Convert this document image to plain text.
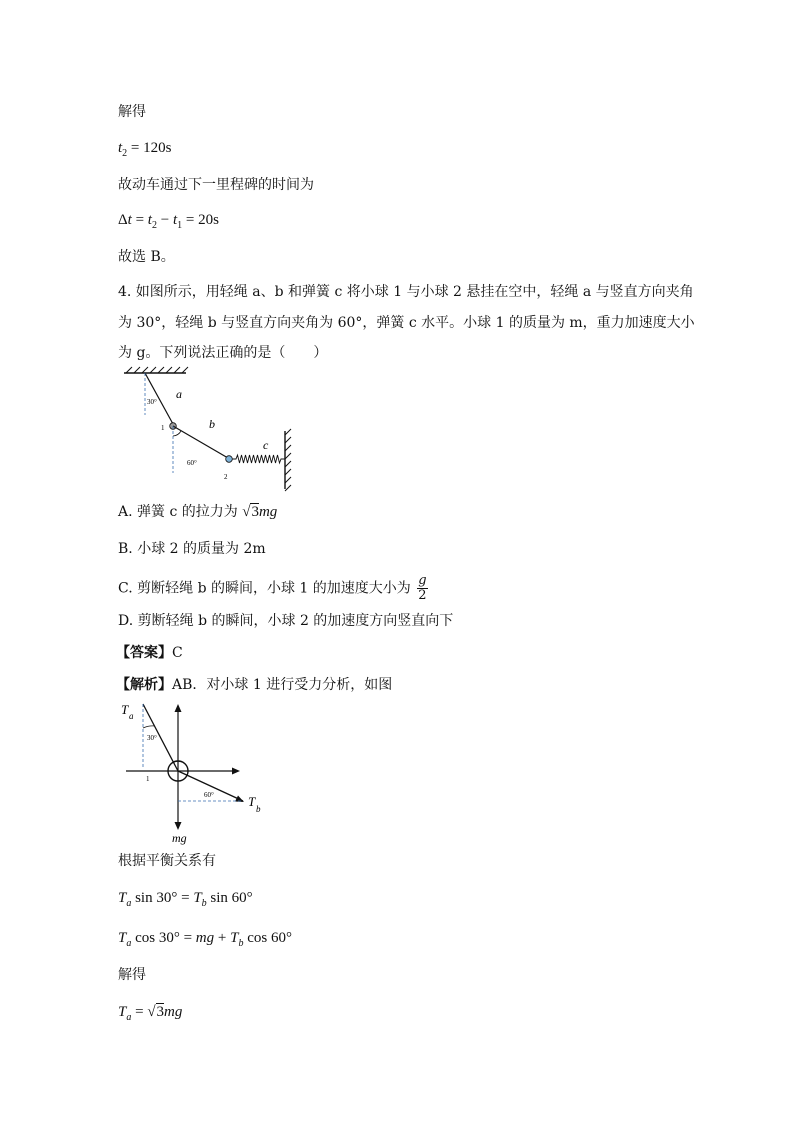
解得
$t_2 = 120s$
故动车通过下一里程碑的时间为
$\Delta t = t_2 - t_1 = 20s$
故选 B。
4. 如图所示，用轻绳 a、b 和弹簧 c 将小球 1 与小球 2 悬挂在空中，轻绳 a 与竖直方向夹角
为 30°，轻绳 b 与竖直方向夹角为 60°，弹簧 c 水平。小球 1 的质量为 m，重力加速度大小
为 g。下列说法正确的是（　　）
30°
a
1
60°
b
2
c
A. 弹簧 c 的拉力为 √3mg
B. 小球 2 的质量为 2m
C. 剪断轻绳 b 的瞬间，小球 1 的加速度大小为 $\frac{g}{2}$
D. 剪断轻绳 b 的瞬间，小球 2 的加速度方向竖直向下
【答案】C
【解析】AB．对小球 1 进行受力分析，如图
T a
30°
1
60°	T b
mg
根据平衡关系有
$T_a$ $\sin 30^\circ = T_b$ sin 60°
$T_a$ cos 30° = mg + $T_b$ cos 60°
解得
$T_a = √3mg$
